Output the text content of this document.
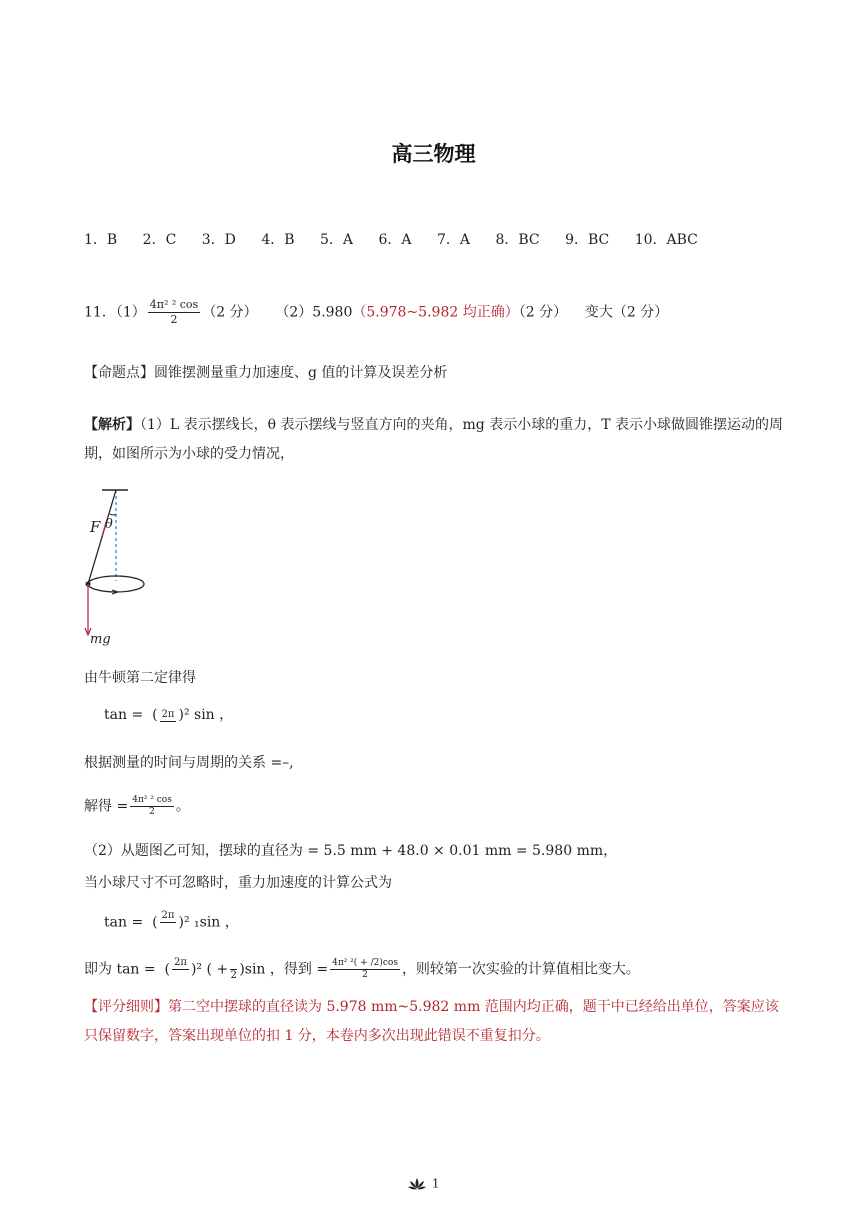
高三物理
1．B 2．C 3．D 4．B 5．A 6．A 7．A 8．BC 9．BC 10．ABC
11．$(1) \frac{\text{4π² ² cos}}{2} (2$ 分） （2）5.980（5.978~5.982 均正确）（2 分） 变大（2 分）
【命题点】圆锥摆测量重力加速度、g 值的计算及误差分析
【解析】（1）L 表示摆线长，θ 表示摆线与竖直方向的夹角，mg 表示小球的重力，T 表示小球做圆锥摆运动的周期，如图所示为小球的受力情况，
F θ
mg
由牛顿第二定律得
tan =  ( 2π )² sin ，
根据测量的时间与周期的关系 =–,
解得 = $\frac{\text{4π² ² cos}}{2}$ 。
（2）从题图乙可知，摆球的直径为 = 5.5 mm + 48.0 × 0.01 mm = 5.980 mm，
当小球尺寸不可忽略时，重力加速度的计算公式为
tan =  ( 2π
)² ₁sin ，
即为 tan =  ( 2π
)² ( +
2 )sin ，得到 = $\frac{\text{4π² ²( + /2)cos}}{2}$ ，则较第一次实验的计算值相比变大。
【评分细则】第二空中摆球的直径读为 5.978 mm~5.982 mm 范围内均正确，题干中已经给出单位，答案应该只保留数字，答案出现单位的扣 1 分，本卷内多次出现此错误不重复扣分。
1
